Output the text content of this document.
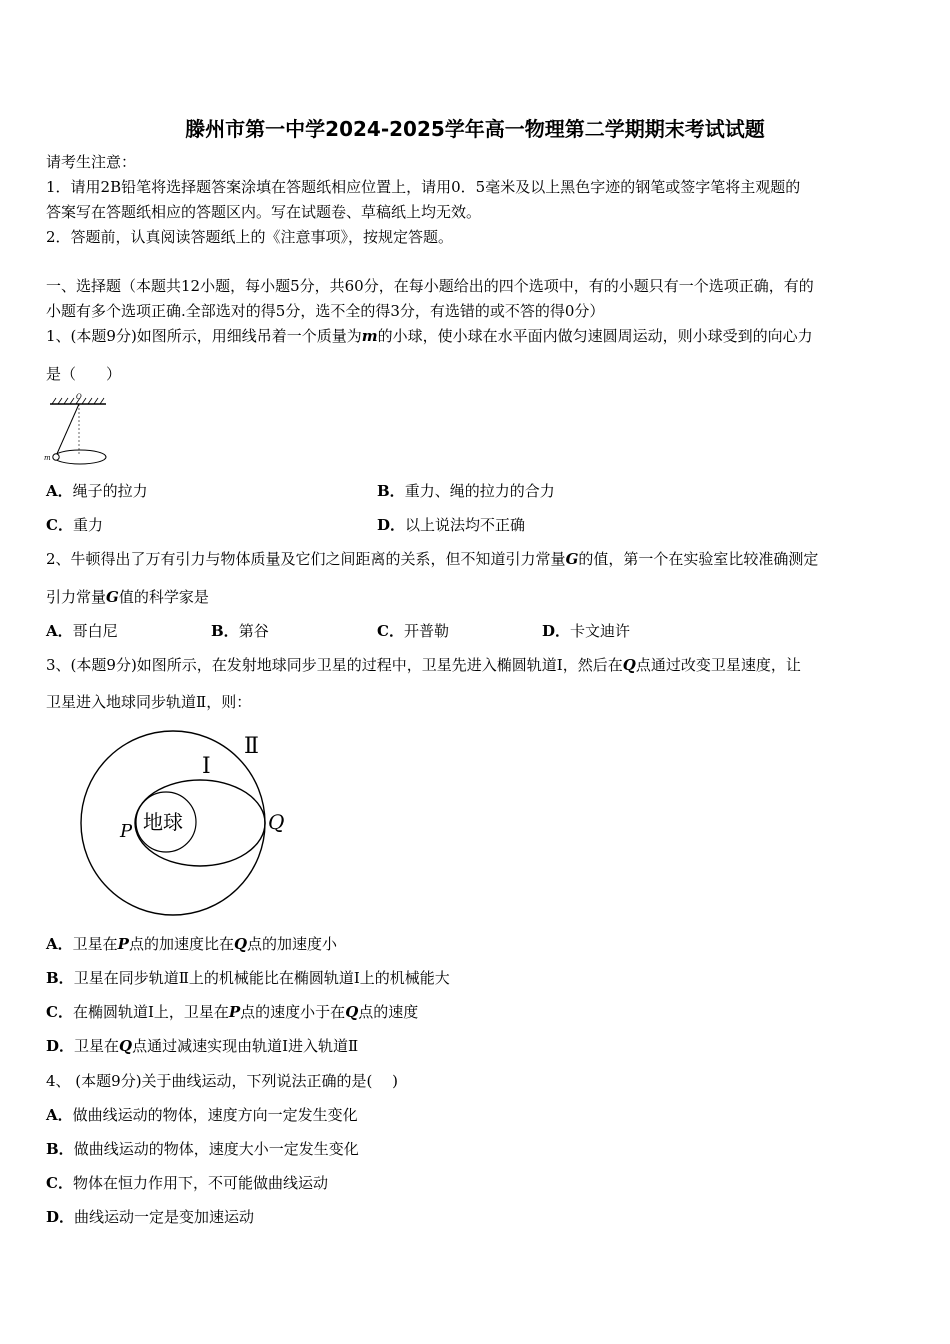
滕州市第一中学2024-2025学年高一物理第二学期期末考试试题
请考生注意：
1．请用2B铅笔将选择题答案涂填在答题纸相应位置上，请用0．5毫米及以上黑色字迹的钢笔或签字笔将主观题的
答案写在答题纸相应的答题区内。写在试题卷、草稿纸上均无效。
2．答题前，认真阅读答题纸上的《注意事项》，按规定答题。
一、选择题（本题共12小题，每小题5分，共60分，在每小题给出的四个选项中，有的小题只有一个选项正确，有的
小题有多个选项正确.全部选对的得5分，选不全的得3分，有选错的或不答的得0分）
1、(本题9分)如图所示，用细线吊着一个质量为m的小球，使小球在水平面内做匀速圆周运动，则小球受到的向心力
是（　　）
O
m
A．绳子的拉力	B．重力、绳的拉力的合力
C．重力	D．以上说法均不正确
2、牛顿得出了万有引力与物体质量及它们之间距离的关系，但不知道引力常量G的值，第一个在实验室比较准确测定
引力常量G值的科学家是
A．哥白尼	B．第谷	C．开普勒	D．卡文迪许
3、(本题9分)如图所示，在发射地球同步卫星的过程中，卫星先进入椭圆轨道Ⅰ，然后在Q点通过改变卫星速度，让
卫星进入地球同步轨道Ⅱ，则：
地球
P	Q
Ⅰ
Ⅱ
A．卫星在P点的加速度比在Q点的加速度小
B．卫星在同步轨道Ⅱ上的机械能比在椭圆轨道Ⅰ上的机械能大
C．在椭圆轨道Ⅰ上，卫星在P点的速度小于在Q点的速度
D．卫星在Q点通过减速实现由轨道Ⅰ进入轨道Ⅱ
4、 (本题9分)关于曲线运动，下列说法正确的是(　 )
A．做曲线运动的物体，速度方向一定发生变化
B．做曲线运动的物体，速度大小一定发生变化
C．物体在恒力作用下，不可能做曲线运动
D．曲线运动一定是变加速运动
